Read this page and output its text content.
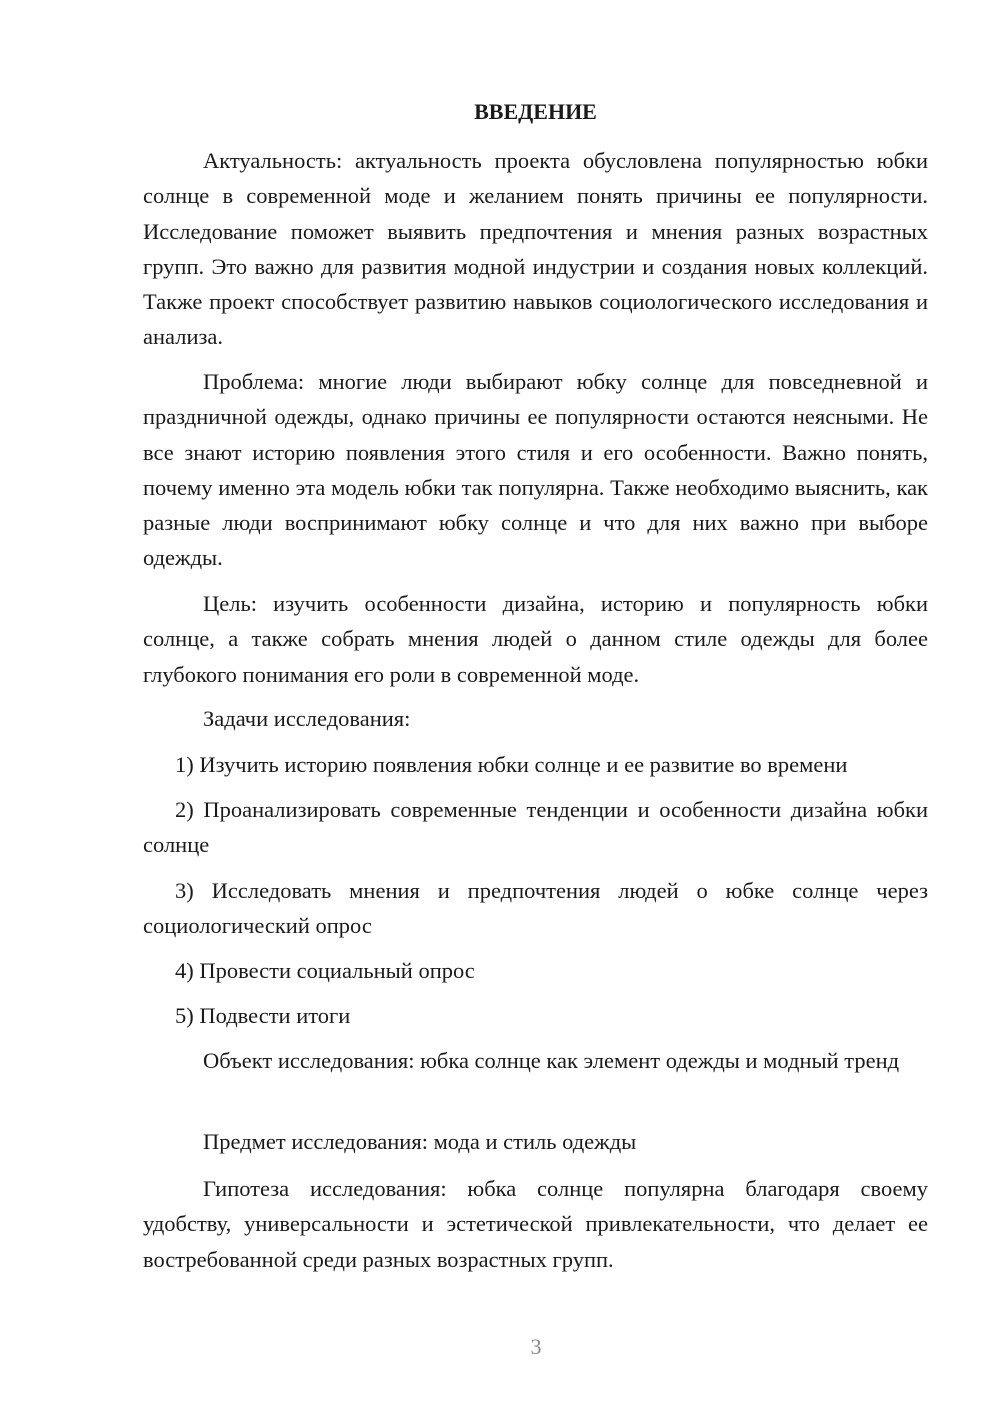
ВВЕДЕНИЕ

Актуальность: актуальность проекта обусловлена популярностью юбки солнце в современной моде и желанием понять причины ее популярности. Исследование поможет выявить предпочтения и мнения разных возрастных групп. Это важно для развития модной индустрии и создания новых коллекций. Также проект способствует развитию навыков социологического исследования и анализа.

Проблема: многие люди выбирают юбку солнце для повседневной и праздничной одежды, однако причины ее популярности остаются неясными. Не все знают историю появления этого стиля и его особенности. Важно понять, почему именно эта модель юбки так популярна. Также необходимо выяснить, как разные люди воспринимают юбку солнце и что для них важно при выборе одежды.

Цель: изучить особенности дизайна, историю и популярность юбки солнце, а также собрать мнения людей о данном стиле одежды для более глубокого понимания его роли в современной моде.

Задачи исследования:

1) Изучить историю появления юбки солнце и ее развитие во времени

2) Проанализировать современные тенденции и особенности дизайна юбки солнце

3) Исследовать мнения и предпочтения людей о юбке солнце через социологический опрос

4) Провести социальный опрос

5) Подвести итоги

Объект исследования: юбка солнце как элемент одежды и модный тренд

Предмет исследования: мода и стиль одежды

Гипотеза исследования: юбка солнце популярна благодаря своему удобству, универсальности и эстетической привлекательности, что делает ее востребованной среди разных возрастных групп.

3
